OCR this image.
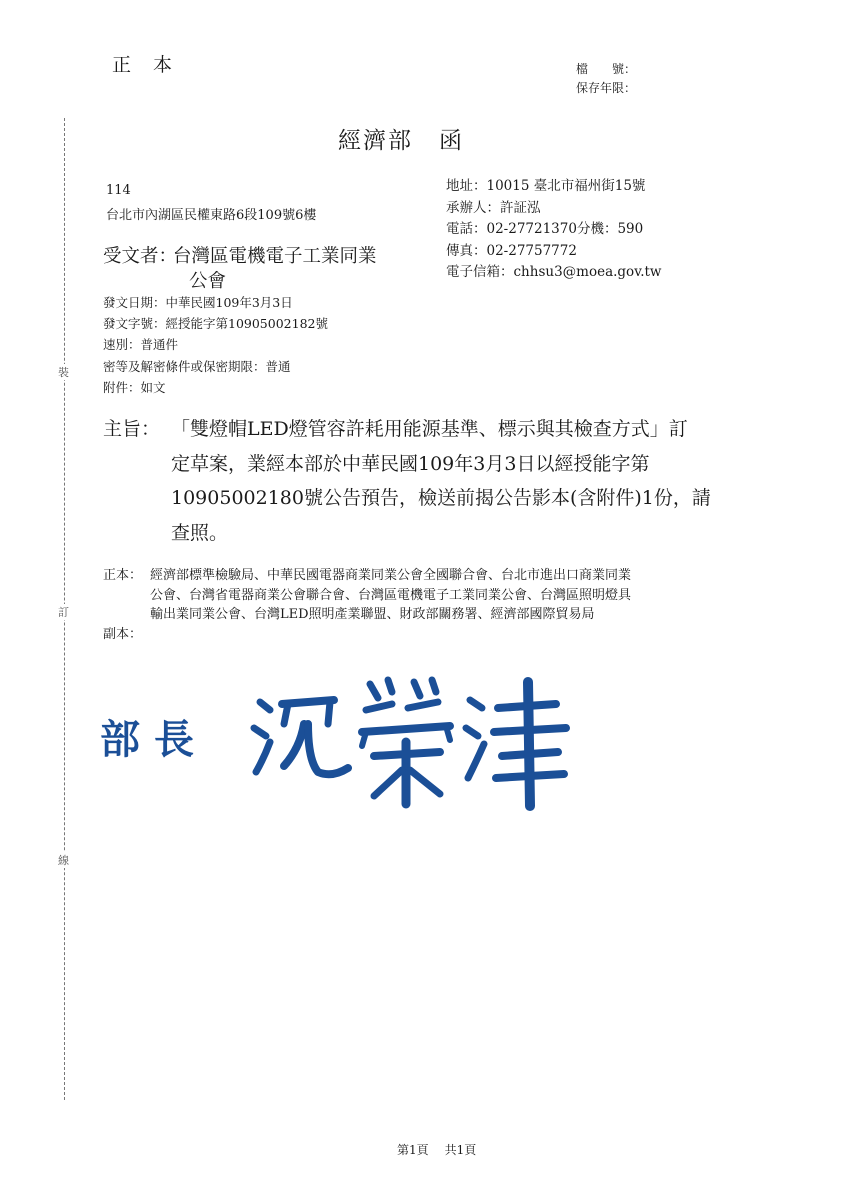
裝
訂
線
正本	檔　　號：
保存年限：
經濟部 函
114
台北市內湖區民權東路6段109號6樓
地址：10015 臺北市福州街15號
承辦人：許証泓
電話：02-27721370分機：590
傳真：02-27757772
電子信箱：chhsu3@moea.gov.tw
受文者：台灣區電機電子工業同業
公會
發文日期：中華民國109年3月3日
發文字號：經授能字第10905002182號
速別：普通件
密等及解密條件或保密期限：普通
附件：如文
主旨： 「雙燈帽LED燈管容許耗用能源基準、標示與其檢查方式」訂
定草案，業經本部於中華民國109年3月3日以經授能字第
10905002180號公告預告，檢送前揭公告影本(含附件)1份，請
查照。
正本： 經濟部標準檢驗局、中華民國電器商業同業公會全國聯合會、台北市進出口商業同業
公會、台灣省電器商業公會聯合會、台灣區電機電子工業同業公會、台灣區照明燈具
輸出業同業公會、台灣LED照明產業聯盟、財政部關務署、經濟部國際貿易局
副本：
部長
第1頁 共1頁
